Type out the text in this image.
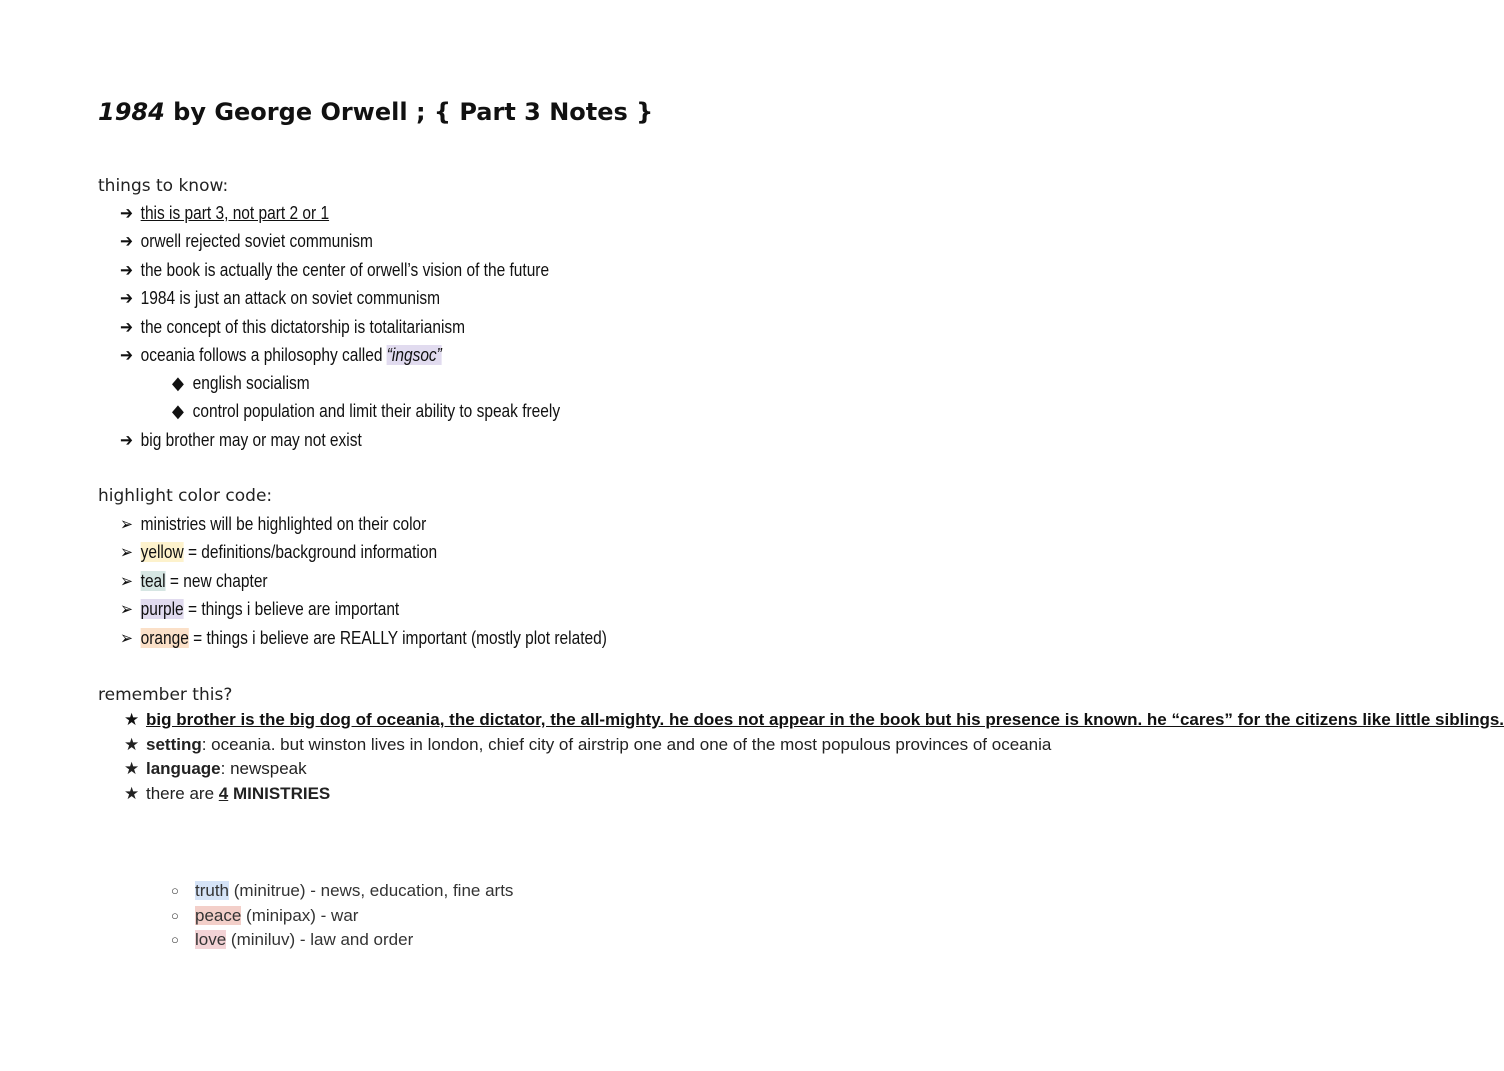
1984 by George Orwell ; { Part 3 Notes }
things to know:
➔ this is part 3, not part 2 or 1
➔ orwell rejected soviet communism
➔ the book is actually the center of orwell’s vision of the future
➔ 1984 is just an attack on soviet communism
➔ the concept of this dictatorship is totalitarianism
➔ oceania follows a philosophy called “ingsoc”
◆ english socialism
◆ control population and limit their ability to speak freely
➔ big brother may or may not exist
highlight color code:
➢ ministries will be highlighted on their color
➢ yellow = definitions/background information
➢ teal = new chapter
➢ purple = things i believe are important
➢ orange = things i believe are REALLY important (mostly plot related)
remember this?
★ big brother is the big dog of oceania, the dictator, the all-mighty. he does not appear in the book but his presence is known. he “cares” for the citizens like little siblings.
★ setting: oceania. but winston lives in london, chief city of airstrip one and one of the most populous provinces of oceania
★ language: newspeak
★ there are 4 MINISTRIES
○ truth (minitrue) - news, education, fine arts
○ peace (minipax) - war
○ love (miniluv) - law and order
